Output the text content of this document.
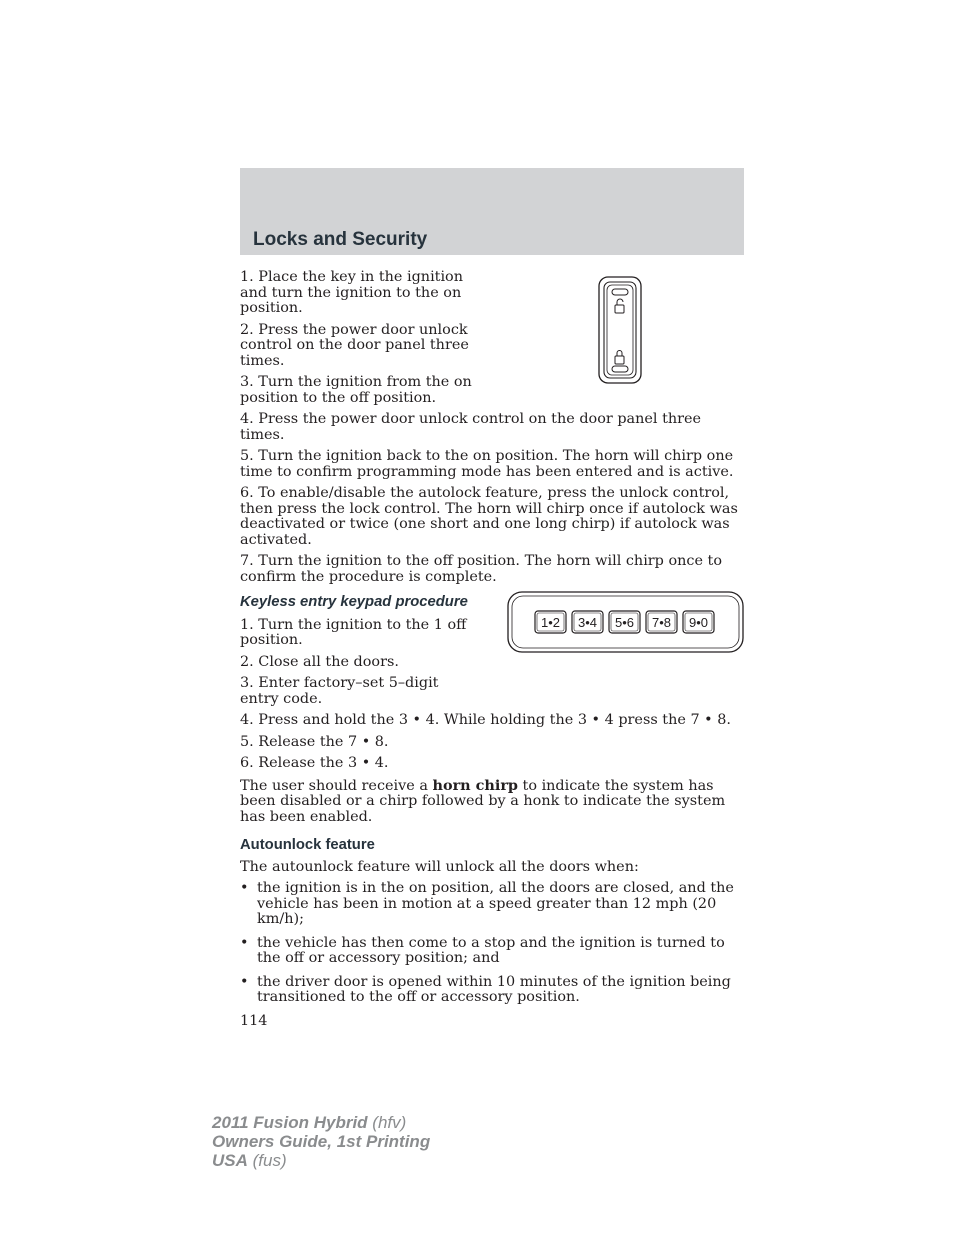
Locks and Security
1•2 3•4 5•6 7•8 9•0

1. Place the key in the ignition and turn the ignition to the on position.

2. Press the power door unlock control on the door panel three times.

3. Turn the ignition from the on position to the off position.

4. Press the power door unlock control on the door panel three times.

5. Turn the ignition back to the on position. The horn will chirp one time to confirm programming mode has been entered and is active.

6. To enable/disable the autolock feature, press the unlock control, then press the lock control. The horn will chirp once if autolock was deactivated or twice (one short and one long chirp) if autolock was activated.

7. Turn the ignition to the off position. The horn will chirp once to confirm the procedure is complete.

Keyless entry keypad procedure

1. Turn the ignition to the 1 off position.

2. Close all the doors.

3. Enter factory–set 5–digit entry code.

4. Press and hold the 3 • 4. While holding the 3 • 4 press the 7 • 8.

5. Release the 7 • 8.

6. Release the 3 • 4.

The user should receive a horn chirp to indicate the system has been disabled or a chirp followed by a honk to indicate the system has been enabled.

Autounlock feature

The autounlock feature will unlock all the doors when:

• the ignition is in the on position, all the doors are closed, and the vehicle has been in motion at a speed greater than 12 mph (20 km/h);
• the vehicle has then come to a stop and the ignition is turned to the off or accessory position; and
• the driver door is opened within 10 minutes of the ignition being transitioned to the off or accessory position.
114
2011 Fusion Hybrid (hfv)
Owners Guide, 1st Printing
USA (fus)
